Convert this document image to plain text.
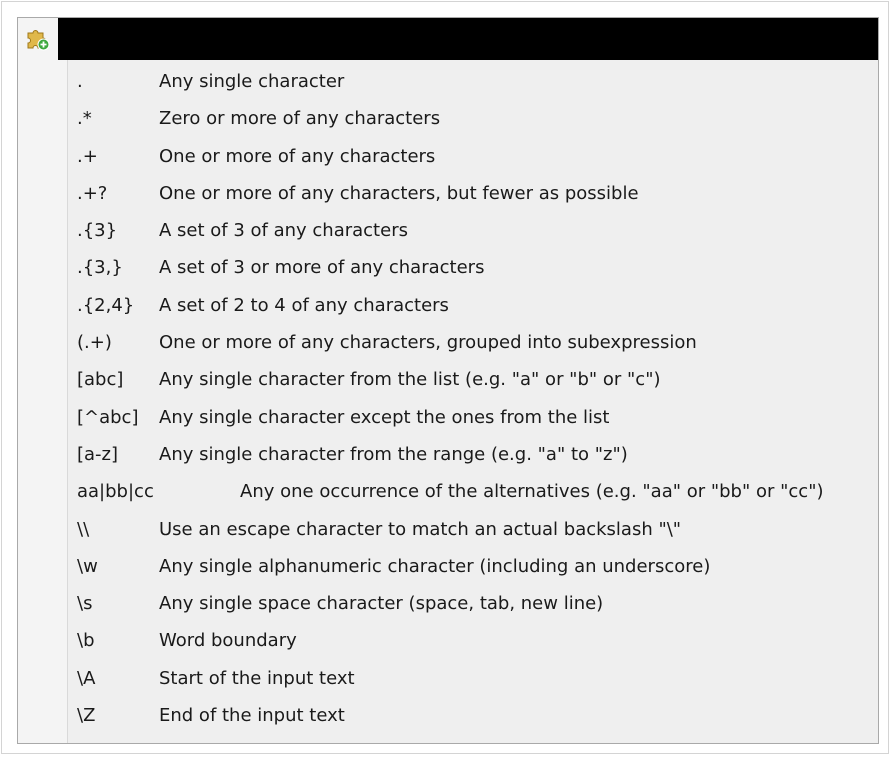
.	Any single character
.*	Zero or more of any characters
.+	One or more of any characters
.+?	One or more of any characters, but fewer as possible
.{3} A set of 3 of any characters
.{3,} A set of 3 or more of any characters
.{2,4} A set of 2 to 4 of any characters
(.+)	One or more of any characters, grouped into subexpression
[abc] Any single character from the list (e.g. "a" or "b" or "c")
[^abc] Any single character except the ones from the list
[a-z] Any single character from the range (e.g. "a" to "z")
aa|bb|cc	Any one occurrence of the alternatives (e.g. "aa" or "bb" or "cc")
\\	Use an escape character to match an actual backslash "\"
\w	Any single alphanumeric character (including an underscore)
\s	Any single space character (space, tab, new line)
\b	Word boundary
\A	Start of the input text
\Z	End of the input text
